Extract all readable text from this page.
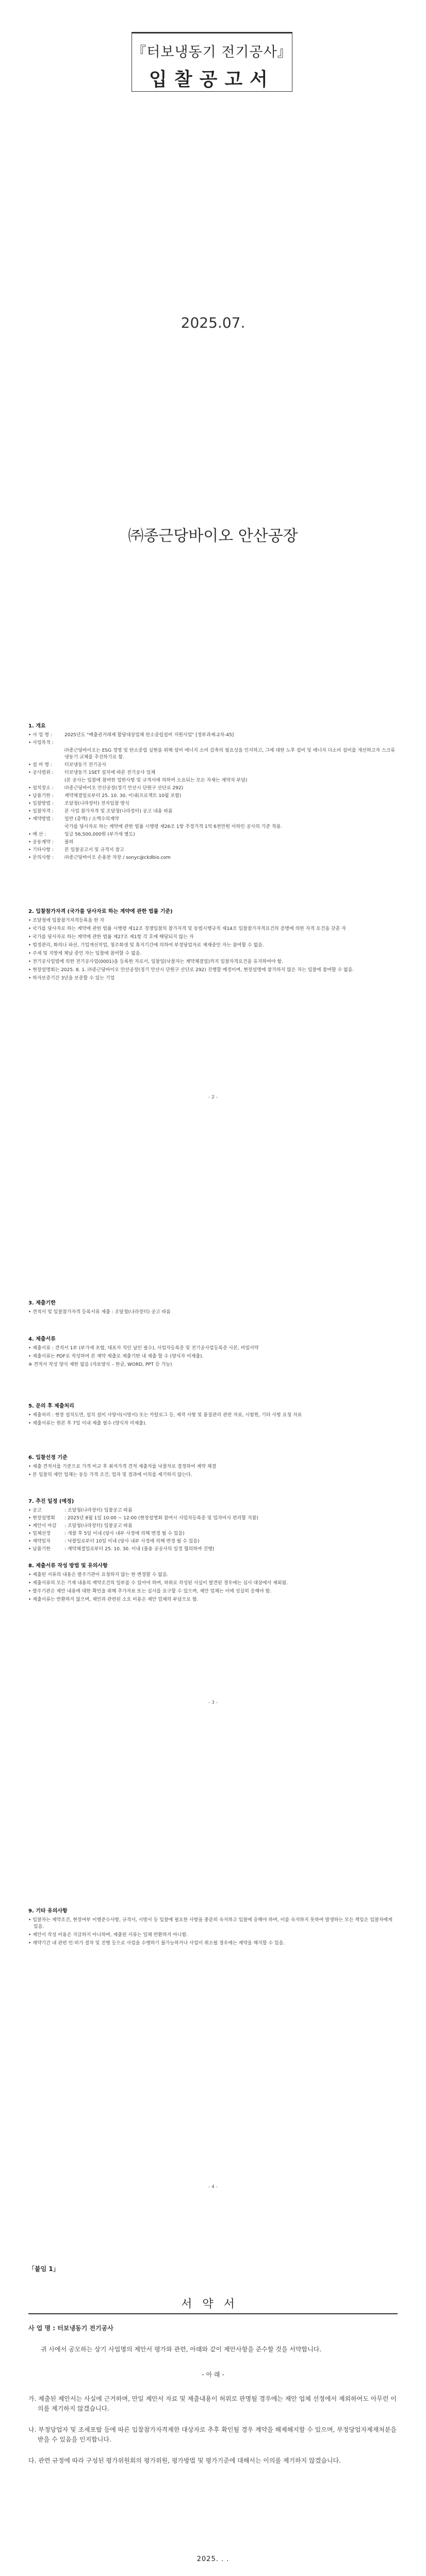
『터보냉동기 전기공사』
입찰공고서
2025.07.
㈜종근당바이오 안산공장
1. 개요
• 사 업 명 :	2025년도 "배출권거래제 할당대상업체 탄소중립설비 지원사업" [정부과제-2차-45]
• 사업목적 :
㈜종근당바이오는 ESG 경영 및 탄소중립 실현을 위해 설비 에너지 소비 감축의 필요성을 인지하고, 그에 대한 노후 설비 및 에너지 다소비 설비를 개선하고자 스크류냉동기 교체를 추진하기로 함.
• 설 비 명 :	터보냉동기 전기공사
• 공사범위 :	터보냉동기 1SET 설치에 따른 전기공사 일체
(본 공사는 입찰에 참여한 업한사항 및 규격서에 의하여 소요되는 모든 자재는 계약자 부담)
• 설치장소 :	㈜종근당바이오 안산공장(경기 안산시 단원구 산단로 292)
• 납품기한 :	계약체결일로부터 25. 10. 30. 이내(프로젝트 10월 포함)
• 입찰방법 :	조달청(나라장터) 전자입찰 방식
• 입찰자격 :	본 사업 참가자격 및 조달청(나라장터) 공고 내용 따름
• 계약방법 :	일반 (총액) / 소액수의계약
국가를 당사자로 하는 계약에 관한 법률 시행령 제26조 1항 추정가격 1억 6천만원 이하인 공사의 기준 적용.
• 예 산 :	일금 56,500,000원 (부가세 별도)
• 공동계약 :	불허
• 기타사항 :	본 입찰공고서 및 규격서 참고
• 문의사항 :	㈜종근당바이오 손용찬 차장 / sonyc@ckdbio.com
2. 입찰참가자격 (국가를 당사자로 하는 계약에 관한 법률 기준)
• 조달청에 입찰참가자격등록을 한 자
• 국가를 당사자로 하는 계약에 관한 법률 시행령 제12조 경쟁입찰의 참가자격 및 동법시행규칙 제14조 입찰참가자격요건의 증명에 의한 자격 요건을 갖춘 자
• 국가를 당사자로 하는 계약에 관한 법률 제27조 제1항 각 호에 해당되지 않는 자
• 법정관리, 화의나 파산, 기업개선작업, 청주회생 및 휴지기간에 의하여 부정당업자로 제재중인 자는 참여할 수 없음.
• 주세 및 지방세 체납 중인 자는 입찰에 참여할 수 없음.
• 전기공사업법에 의한 전기공사업(0001)을 등록한 자로서, 입찰일(낙찰자는 계약체결일)까지 입찰자격요건을 유지하여야 함.
• 현장설명회는 2025. 8. 1. ㈜종근당바이오 안산공장(경기 안산시 단원구 산단로 292) 진행할 예정이며, 현장설명에 참가하지 않은 자는 입찰에 참여할 수 없음.
• 하자보증기간 3년을 보증할 수 있는 기업
- 2 -
3. 제출기한
• 견적서 및 입찰참가자격 등록서류 제출 : 조달청(나라장터) 공고 따름
4. 제출서류
• 제출서류 : 견적서 1부 (부가세 포함, 대표자 직인 날인 필수), 사업자등록증 및 전기공사업등록증 사본, 비밀서약
• 제출서류는 PDF로 작성하여 본 계약 제출로 제출기한 내 제출 할 수 (양식자 미제출).
※ 견적서 작성 양식 제한 없음 (자료양식 – 한글, WORD, PPT 등 가능)
5. 문의 후 제출처리
• 제출처리 : 현장 설치도면, 설치 설비 사양서(시방서) 또는 카탈로그 등, 제작 사항 및 품질관리 관련 자료, 시험원, 기타 사항 요청 자료
• 제출서류는 원본 후 7일 이내 제출 필수 (양식자 미제출).
6. 입찰선정 기준
• 제출 견적서를 기준으로 가격 비교 후 최저가격 견적 제출자를 낙찰자로 결정하여 계약 체결
• 본 입찰의 제안 업체는 동등 가격 조건, 업자 및 결과에 이의를 제기하지 않는다.
7. 추진 일정 (예정)
• 공고	: 조달청(나라장터) 입찰공고 따름
• 현장설명회	: 2025년 8월 1일 10:00 ~ 12:00 (현장설명회 참여시 사업자등록증 및 업자미사 편리할 지참)
• 제안서 마감	: 조달청(나라장터) 입찰공고 따름
• 업체선정	: 개찰 후 5일 이내 (당사 내부 사정에 의해 변경 될 수 있음)
• 계약일자	: 낙찰일로부터 10일 이내 (당사 내부 사정에 의해 변경 될 수 있음)
• 납품기한	: 계약체결일로부터 25. 10. 30. 이내 (불용 공공사의 일정 협의하여 진행)
8. 제출서류 작성 방법 및 유의사항
• 제출된 서류의 내용은 발주기관이 요청하지 않는 한 변경할 수 없음.
• 제출서류의 모든 기재 내용의 계약조건의 일부를 수 있어야 하며, 허위로 작성된 사실이 발견된 경우에는 심사 대상에서 제외됨.
• 발주기관은 제안 내용에 대한 확인을 위해 추가자료 또는 실사를 요구할 수 있으며, 제안 업체는 이에 성실히 응해야 함.
• 제출서류는 반환하지 않으며, 제안과 관련된 소요 비용은 제안 업체의 부담으로 함.
- 3 -
9. 기타 유의사항
• 입찰자는 계약조건, 현장여부 이행준수사항, 규격서, 시방서 등 입찰에 필요한 사항을 충분히 숙지하고 입찰에 응해야 하며, 이를 숙지하지 못하여 발생하는 모든 책임은 입찰자에게 있음.
• 제안서 작성 비용은 지급하지 아니하며, 제출된 서류는 일체 반환하지 아니함.
• 계약기간 내 관련 인·허가 절차 및 진행 등으로 사업을 수행하기 불가능하거나 사업이 취소될 경우에는 계약을 해지할 수 있음.
- 4 -
「붙임 1」
서약서
사 업 명 : 터보냉동기 전기공사
귀 사에서 공모하는 상기 사업명의 제안서 평가와 관련, 아래와 같이 제안사항을 준수할 것을 서약합니다.
- 아 래 -
가. 제출된 제안서는 사실에 근거하며, 만일 제안서 자료 및 제출내용이 허위로 판명될 경우에는 제안 업체 선정에서 제외하여도 아무런 이의를 제기하지 않겠습니다.
나. 부정당업자 및 조세포탈 등에 따른 입찰참가자격제한 대상자로 추후 확인될 경우 계약을 해제해지할 수 있으며, 부정당업자제재처분을 받을 수 있음을 인지합니다.
다. 관련 규정에 따라 구성된 평가위원회의 평가위원, 평가방법 및 평가기준에 대해서는 이의를 제기하지 않겠습니다.
2025. . .
